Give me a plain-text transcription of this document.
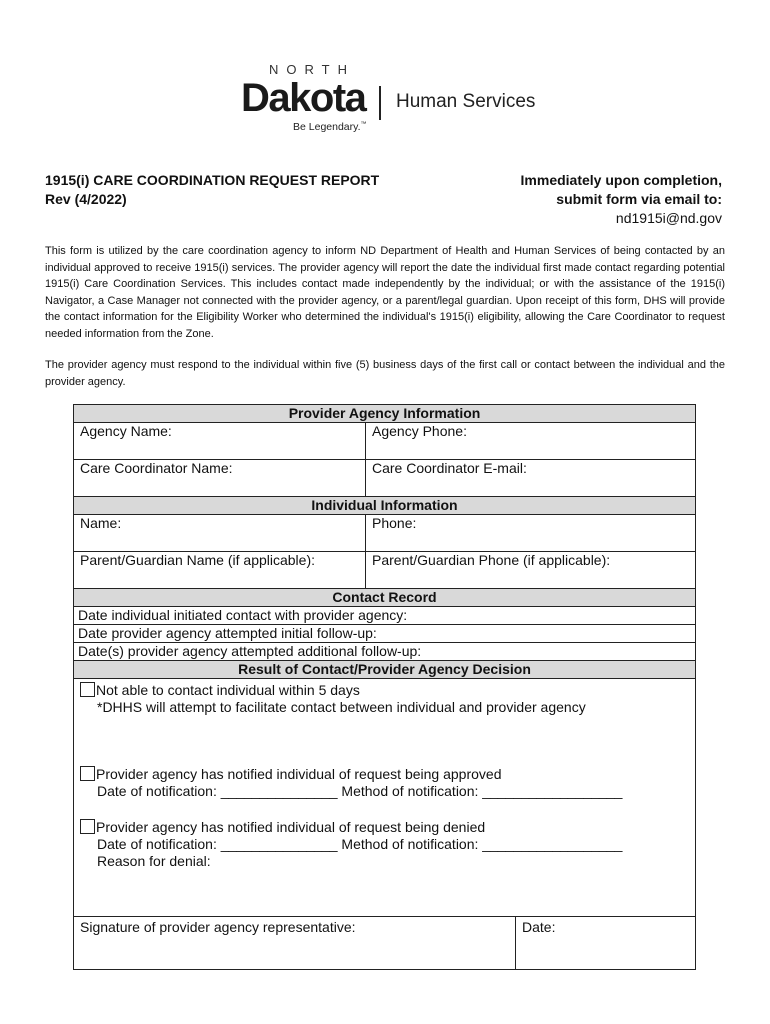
NORTH
Dakota Human Services
Be Legendary.™
1915(i) CARE COORDINATION REQUEST REPORT
Rev (4/2022)
Immediately upon completion,
submit form via email to:
nd1915i@nd.gov
This form is utilized by the care coordination agency to inform ND Department of Health and Human Services of being contacted by an individual approved to receive 1915(i) services. The provider agency will report the date the individual first made contact regarding potential 1915(i) Care Coordination Services. This includes contact made independently by the individual; or with the assistance of the 1915(i) Navigator, a Case Manager not connected with the provider agency, or a parent/legal guardian. Upon receipt of this form, DHS will provide the contact information for the Eligibility Worker who determined the individual's 1915(i) eligibility, allowing the Care Coordinator to request needed information from the Zone.
The provider agency must respond to the individual within five (5) business days of the first call or contact between the individual and the provider agency.
Provider Agency Information
Agency Name:	Agency Phone:
Care Coordinator Name:	Care Coordinator E-mail:
Individual Information
Name:	Phone:
Parent/Guardian Name (if applicable):	Parent/Guardian Phone (if applicable):
Contact Record
Date individual initiated contact with provider agency:
Date provider agency attempted initial follow-up:
Date(s) provider agency attempted additional follow-up:
Result of Contact/Provider Agency Decision
Not able to contact individual within 5 days
*DHHS will attempt to facilitate contact between individual and provider agency
Provider agency has notified individual of request being approved
Date of notification: _______________ Method of notification: __________________
Provider agency has notified individual of request being denied
Date of notification: _______________ Method of notification: __________________
Reason for denial:
Signature of provider agency representative:	Date:
